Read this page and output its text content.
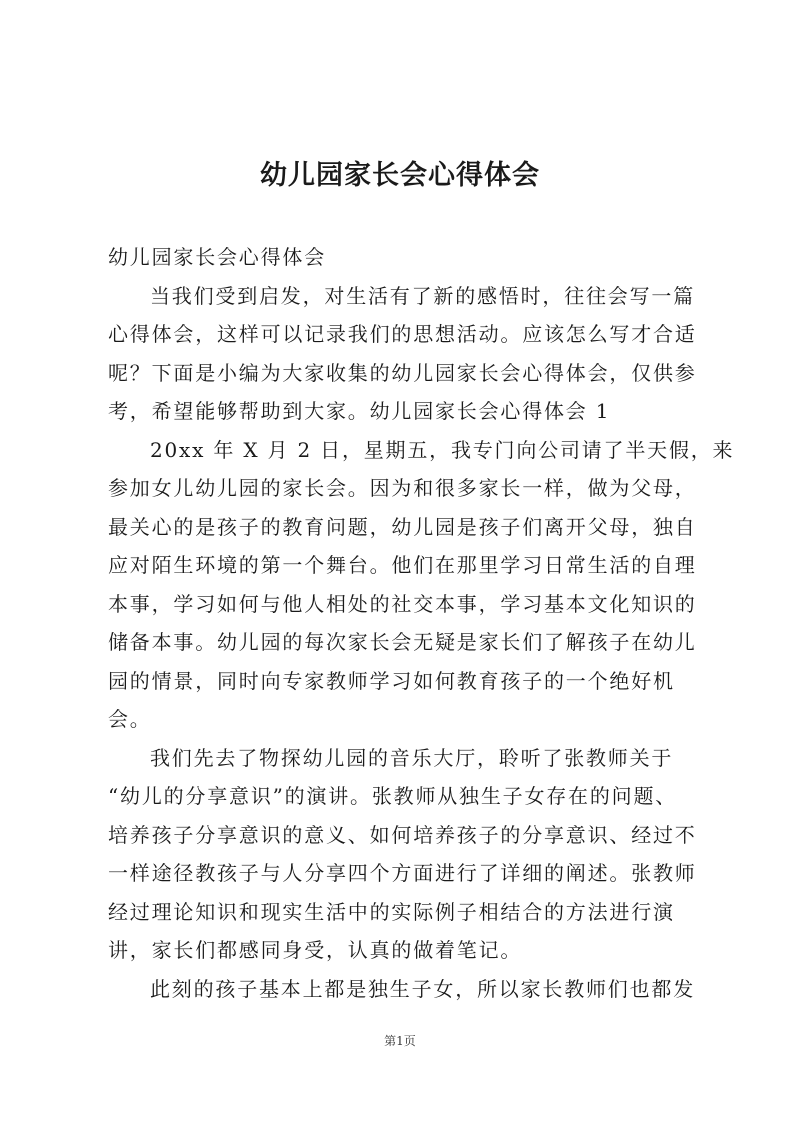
幼儿园家长会心得体会
幼儿园家长会心得体会
当我们受到启发，对生活有了新的感悟时，往往会写一篇
心得体会，这样可以记录我们的思想活动。应该怎么写才合适
呢？下面是小编为大家收集的幼儿园家长会心得体会，仅供参
考，希望能够帮助到大家。幼儿园家长会心得体会 1
20xx 年 X 月 2 日，星期五，我专门向公司请了半天假，来
参加女儿幼儿园的家长会。因为和很多家长一样，做为父母，
最关心的是孩子的教育问题，幼儿园是孩子们离开父母，独自
应对陌生环境的第一个舞台。他们在那里学习日常生活的自理
本事，学习如何与他人相处的社交本事，学习基本文化知识的
储备本事。幼儿园的每次家长会无疑是家长们了解孩子在幼儿
园的情景，同时向专家教师学习如何教育孩子的一个绝好机
会。
我们先去了物探幼儿园的音乐大厅，聆听了张教师关于
“幼儿的分享意识”的演讲。张教师从独生子女存在的问题、
培养孩子分享意识的意义、如何培养孩子的分享意识、经过不
一样途径教孩子与人分享四个方面进行了详细的阐述。张教师
经过理论知识和现实生活中的实际例子相结合的方法进行演
讲，家长们都感同身受，认真的做着笔记。
此刻的孩子基本上都是独生子女，所以家长教师们也都发
第1页
